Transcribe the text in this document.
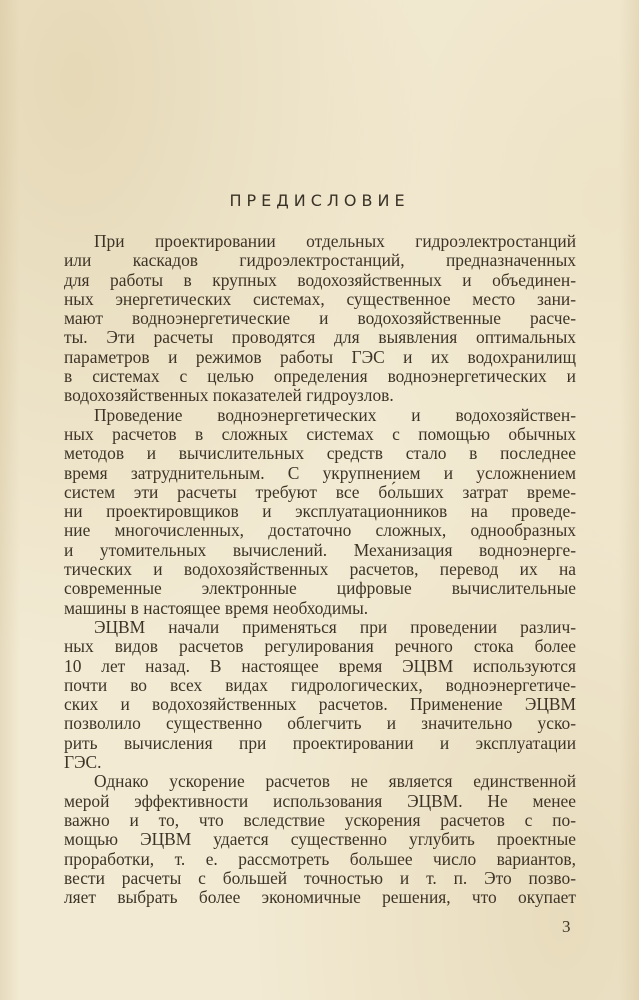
ПРЕДИСЛОВИЕ
При проектировании отдельных гидроэлектростанций
или каскадов гидроэлектростанций, предназначенных
для работы в крупных водохозяйственных и объединен-
ных энергетических системах, существенное место зани-
мают водноэнергетические и водохозяйственные расче-
ты. Эти расчеты проводятся для выявления оптимальных
параметров и режимов работы ГЭС и их водохранилищ
в системах с целью определения водноэнергетических и
водохозяйственных показателей гидроузлов.
Проведение водноэнергетических и водохозяйствен-
ных расчетов в сложных системах с помощью обычных
методов и вычислительных средств стало в последнее
время затруднительным. С укрупнением и усложнением
систем эти расчеты требуют все бо́льших затрат време-
ни проектировщиков и эксплуатационников на проведе-
ние многочисленных, достаточно сложных, однообразных
и утомительных вычислений. Механизация водноэнерге-
тических и водохозяйственных расчетов, перевод их на
современные электронные цифровые вычислительные
машины в настоящее время необходимы.
ЭЦВМ начали применяться при проведении различ-
ных видов расчетов регулирования речного стока более
10 лет назад. В настоящее время ЭЦВМ используются
почти во всех видах гидрологических, водноэнергетиче-
ских и водохозяйственных расчетов. Применение ЭЦВМ
позволило существенно облегчить и значительно уско-
рить вычисления при проектировании и эксплуатации
ГЭС.
Однако ускорение расчетов не является единственной
мерой эффективности использования ЭЦВМ. Не менее
важно и то, что вследствие ускорения расчетов с по-
мощью ЭЦВМ удается существенно углубить проектные
проработки, т. е. рассмотреть большее число вариантов,
вести расчеты с большей точностью и т. п. Это позво-
ляет выбрать более экономичные решения, что окупает
3
